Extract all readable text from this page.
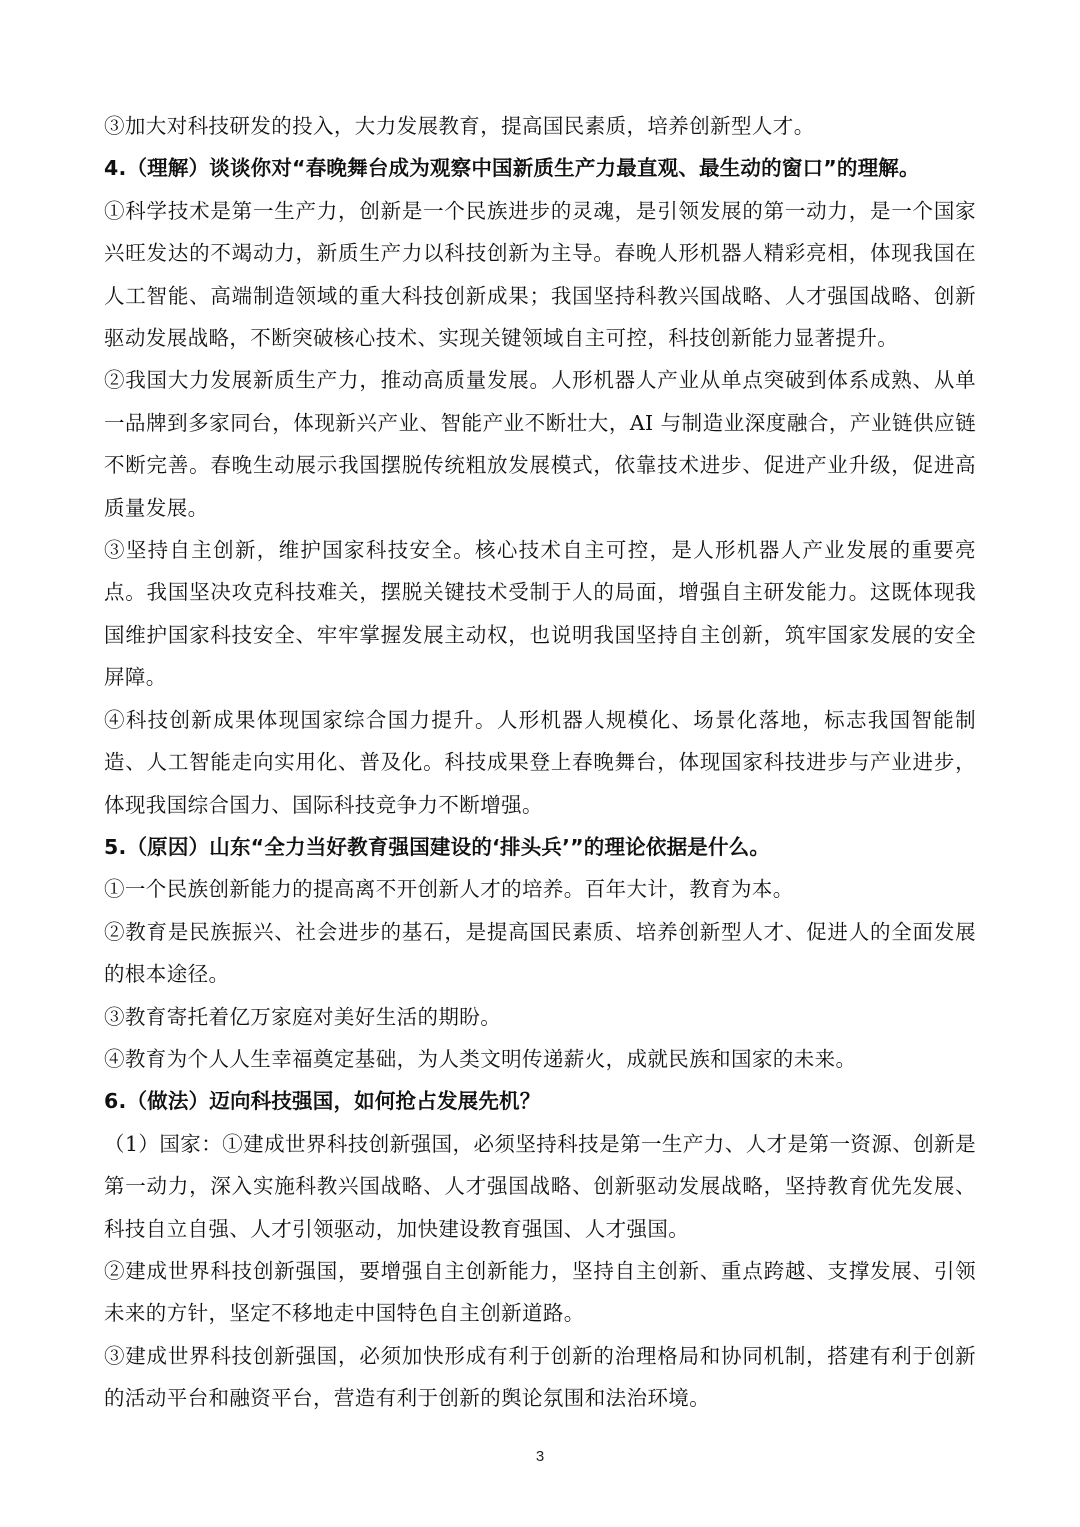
③加大对科技研发的投入，大力发展教育，提高国民素质，培养创新型人才。

4.（理解）谈谈你对“春晚舞台成为观察中国新质生产力最直观、最生动的窗口”的理解。

①科学技术是第一生产力，创新是一个民族进步的灵魂，是引领发展的第一动力，是一个国家兴旺发达的不竭动力，新质生产力以科技创新为主导。春晚人形机器人精彩亮相，体现我国在人工智能、高端制造领域的重大科技创新成果；我国坚持科教兴国战略、人才强国战略、创新驱动发展战略，不断突破核心技术、实现关键领域自主可控，科技创新能力显著提升。

②我国大力发展新质生产力，推动高质量发展。人形机器人产业从单点突破到体系成熟、从单一品牌到多家同台，体现新兴产业、智能产业不断壮大，AI 与制造业深度融合，产业链供应链不断完善。春晚生动展示我国摆脱传统粗放发展模式，依靠技术进步、促进产业升级，促进高质量发展。

③坚持自主创新，维护国家科技安全。核心技术自主可控，是人形机器人产业发展的重要亮点。我国坚决攻克科技难关，摆脱关键技术受制于人的局面，增强自主研发能力。这既体现我国维护国家科技安全、牢牢掌握发展主动权，也说明我国坚持自主创新，筑牢国家发展的安全屏障。

④科技创新成果体现国家综合国力提升。人形机器人规模化、场景化落地，标志我国智能制造、人工智能走向实用化、普及化。科技成果登上春晚舞台，体现国家科技进步与产业进步，体现我国综合国力、国际科技竞争力不断增强。

5.（原因）山东“全力当好教育强国建设的‘排头兵’”的理论依据是什么。

①一个民族创新能力的提高离不开创新人才的培养。百年大计，教育为本。

②教育是民族振兴、社会进步的基石，是提高国民素质、培养创新型人才、促进人的全面发展的根本途径。

③教育寄托着亿万家庭对美好生活的期盼。

④教育为个人人生幸福奠定基础，为人类文明传递薪火，成就民族和国家的未来。

6.（做法）迈向科技强国，如何抢占发展先机？

（1）国家：①建成世界科技创新强国，必须坚持科技是第一生产力、人才是第一资源、创新是第一动力，深入实施科教兴国战略、人才强国战略、创新驱动发展战略，坚持教育优先发展、科技自立自强、人才引领驱动，加快建设教育强国、人才强国。

②建成世界科技创新强国，要增强自主创新能力，坚持自主创新、重点跨越、支撑发展、引领未来的方针，坚定不移地走中国特色自主创新道路。

③建成世界科技创新强国，必须加快形成有利于创新的治理格局和协同机制，搭建有利于创新的活动平台和融资平台，营造有利于创新的舆论氛围和法治环境。

3
